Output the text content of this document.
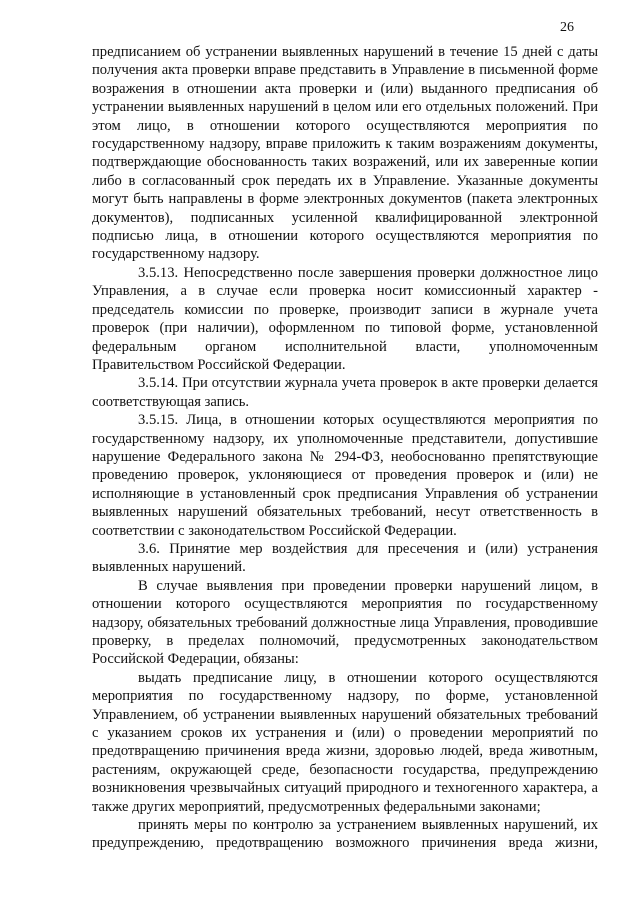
26

предписанием об устранении выявленных нарушений в течение 15 дней с даты получения акта проверки вправе представить в Управление в письменной форме возражения в отношении акта проверки и (или) выданного предписания об устранении выявленных нарушений в целом или его отдельных положений. При этом лицо, в отношении которого осуществляются мероприятия по государственному надзору, вправе приложить к таким возражениям документы, подтверждающие обоснованность таких возражений, или их заверенные копии либо в согласованный срок передать их в Управление. Указанные документы могут быть направлены в форме электронных документов (пакета электронных документов), подписанных усиленной квалифицированной электронной подписью лица, в отношении которого осуществляются мероприятия по государственному надзору.

3.5.13. Непосредственно после завершения проверки должностное лицо Управления, а в случае если проверка носит комиссионный характер - председатель комиссии по проверке, производит записи в журнале учета проверок (при наличии), оформленном по типовой форме, установленной федеральным органом исполнительной власти, уполномоченным Правительством Российской Федерации.

3.5.14. При отсутствии журнала учета проверок в акте проверки делается соответствующая запись.

3.5.15. Лица, в отношении которых осуществляются мероприятия по государственному надзору, их уполномоченные представители, допустившие нарушение Федерального закона № 294-ФЗ, необоснованно препятствующие проведению проверок, уклоняющиеся от проведения проверок и (или) не исполняющие в установленный срок предписания Управления об устранении выявленных нарушений обязательных требований, несут ответственность в соответствии с законодательством Российской Федерации.

3.6. Принятие мер воздействия для пресечения и (или) устранения выявленных нарушений.

В случае выявления при проведении проверки нарушений лицом, в отношении которого осуществляются мероприятия по государственному надзору, обязательных требований должностные лица Управления, проводившие проверку, в пределах полномочий, предусмотренных законодательством Российской Федерации, обязаны:

выдать предписание лицу, в отношении которого осуществляются мероприятия по государственному надзору, по форме, установленной Управлением, об устранении выявленных нарушений обязательных требований с указанием сроков их устранения и (или) о проведении мероприятий по предотвращению причинения вреда жизни, здоровью людей, вреда животным, растениям, окружающей среде, безопасности государства, предупреждению возникновения чрезвычайных ситуаций природного и техногенного характера, а также других мероприятий, предусмотренных федеральными законами;

принять меры по контролю за устранением выявленных нарушений, их предупреждению, предотвращению возможного причинения вреда жизни,
